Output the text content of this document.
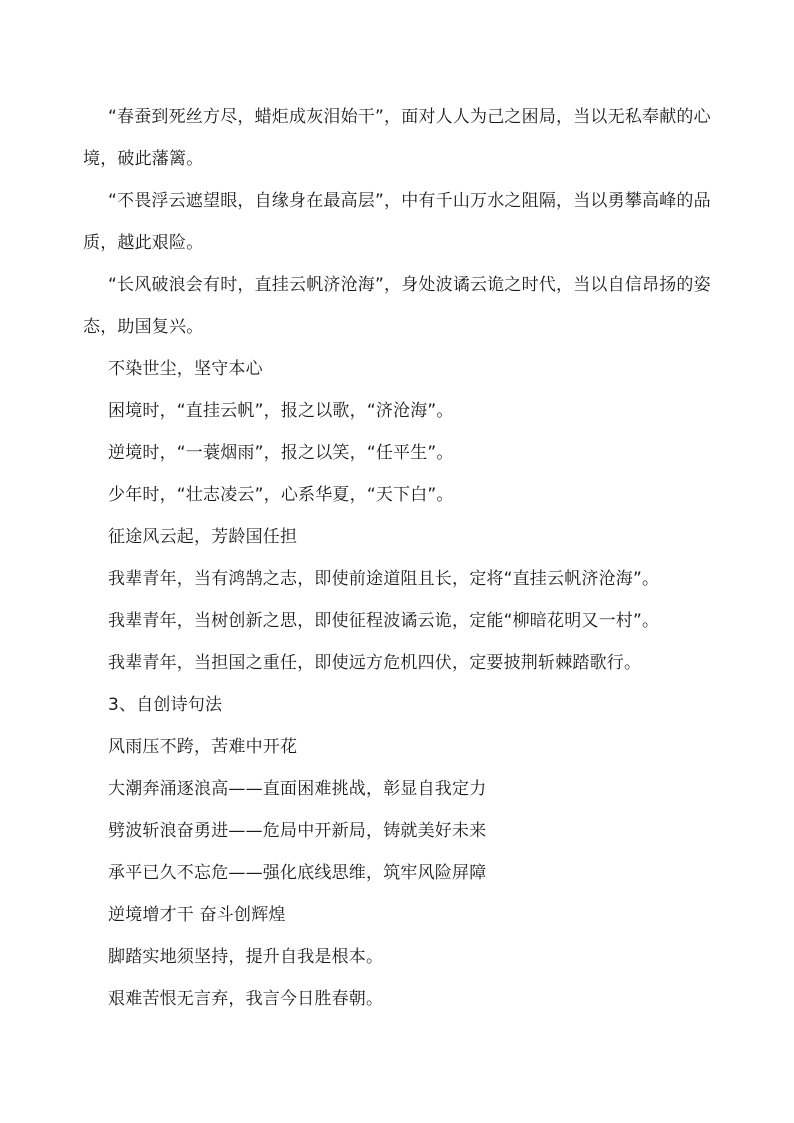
“春蚕到死丝方尽，蜡炬成灰泪始干”，面对人人为己之困局，当以无私奉献的心境，破此藩篱。

“不畏浮云遮望眼，自缘身在最高层”，中有千山万水之阻隔，当以勇攀高峰的品质，越此艰险。

“长风破浪会有时，直挂云帆济沧海”，身处波谲云诡之时代，当以自信昂扬的姿态，助国复兴。

不染世尘，坚守本心

困境时，“直挂云帆”，报之以歌，“济沧海”。

逆境时，“一蓑烟雨”，报之以笑，“任平生”。

少年时，“壮志凌云”，心系华夏，“天下白”。

征途风云起，芳龄国任担

我辈青年，当有鸿鹄之志，即使前途道阻且长，定将“直挂云帆济沧海”。

我辈青年，当树创新之思，即使征程波谲云诡，定能“柳暗花明又一村”。

我辈青年，当担国之重任，即使远方危机四伏，定要披荆斩棘踏歌行。

3、自创诗句法

风雨压不跨，苦难中开花

大潮奔涌逐浪高——直面困难挑战，彰显自我定力

劈波斩浪奋勇进——危局中开新局，铸就美好未来

承平已久不忘危——强化底线思维，筑牢风险屏障

逆境增才干 奋斗创辉煌

脚踏实地须坚持，提升自我是根本。

艰难苦恨无言弃，我言今日胜春朝。
